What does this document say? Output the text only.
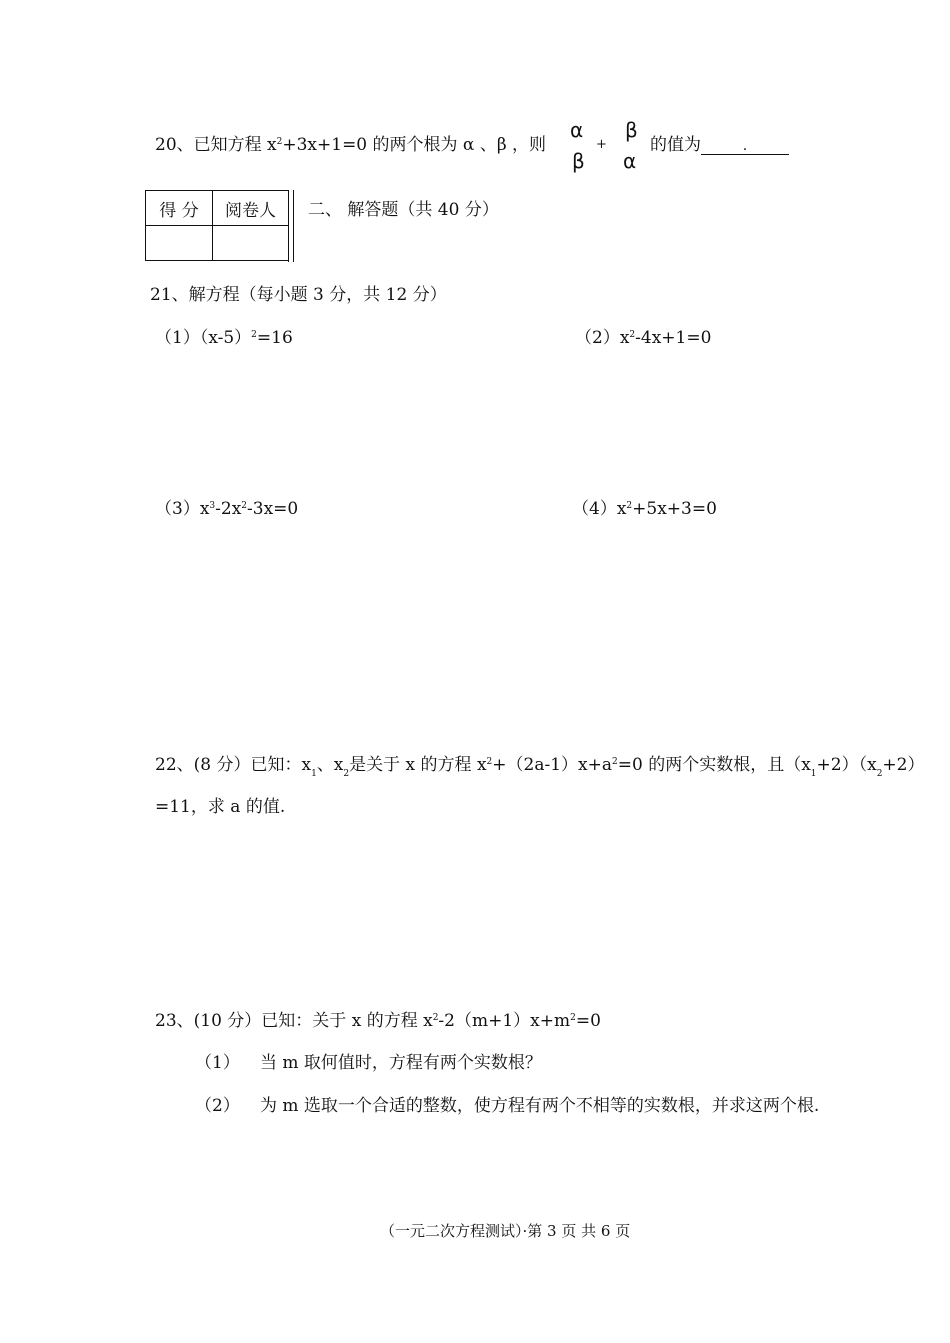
20、已知方程 $x^2+3x+1=0$ 的两个根为 α 、β ，则
α
β
+
β
α
的值为	.
得 分	阅卷人
	二、 解答题（共 40 分）
21、解方程（每小题 3 分，共 12 分）
$(1)(x-5)^2=16$	$(2)x^2-4x+1=0$
$(3)x^3-2x^2-3x=0$	$(4)x^2+5x+3=0$
22、(8 分）已知：$x_1$、$x_2$是关于 x 的方程 $x^2+(2a-1)x+a^2=0$ 的两个实数根，且$(x_1+2)(x_2+2)$
=11，求 a 的值.
23、(10 分）已知：关于 x 的方程 $x^2-2(m+1)x+m^2=0$
（1） 当 m 取何值时，方程有两个实数根？
（2） 为 m 选取一个合适的整数，使方程有两个不相等的实数根，并求这两个根.
（一元二次方程测试）·第 3 页 共 6 页
